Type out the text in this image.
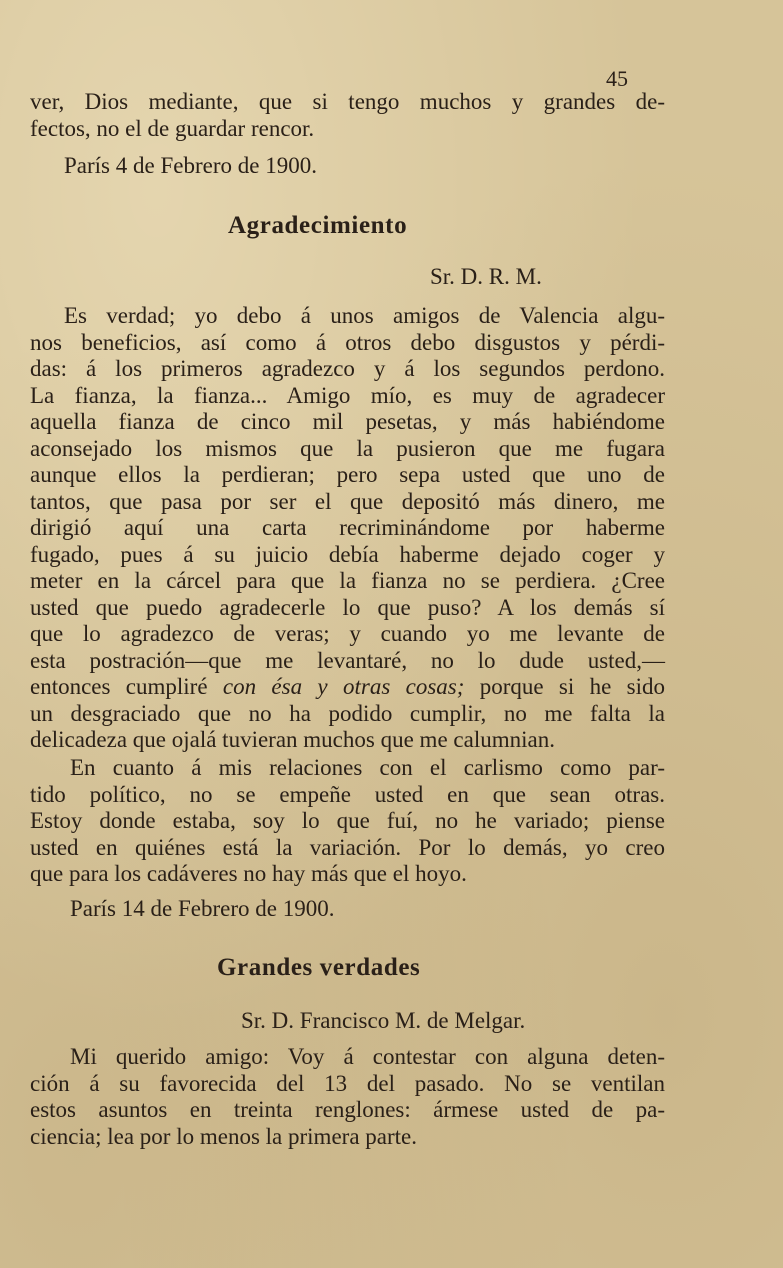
45
ver, Dios mediante, que si tengo muchos y grandes de-
fectos, no el de guardar rencor.
París 4 de Febrero de 1900.
Agradecimiento
Sr. D. R. M.
Es verdad; yo debo á unos amigos de Valencia algu-
nos beneficios, así como á otros debo disgustos y pérdi-
das: á los primeros agradezco y á los segundos perdono.
La fianza, la fianza... Amigo mío, es muy de agradecer
aquella fianza de cinco mil pesetas, y más habiéndome
aconsejado los mismos que la pusieron que me fugara
aunque ellos la perdieran; pero sepa usted que uno de
tantos, que pasa por ser el que depositó más dinero, me
dirigió aquí una carta recriminándome por haberme
fugado, pues á su juicio debía haberme dejado coger y
meter en la cárcel para que la fianza no se perdiera. ¿Cree
usted que puedo agradecerle lo que puso? A los demás sí
que lo agradezco de veras; y cuando yo me levante de
esta postración—que me levantaré, no lo dude usted,—
entonces cumpliré con ésa y otras cosas; porque si he sido
un desgraciado que no ha podido cumplir, no me falta la
delicadeza que ojalá tuvieran muchos que me calumnian.
En cuanto á mis relaciones con el carlismo como par-
tido político, no se empeñe usted en que sean otras.
Estoy donde estaba, soy lo que fuí, no he variado; piense
usted en quiénes está la variación. Por lo demás, yo creo
que para los cadáveres no hay más que el hoyo.
París 14 de Febrero de 1900.
Grandes verdades
Sr. D. Francisco M. de Melgar.
Mi querido amigo: Voy á contestar con alguna deten-
ción á su favorecida del 13 del pasado. No se ventilan
estos asuntos en treinta renglones: ármese usted de pa-
ciencia; lea por lo menos la primera parte.
